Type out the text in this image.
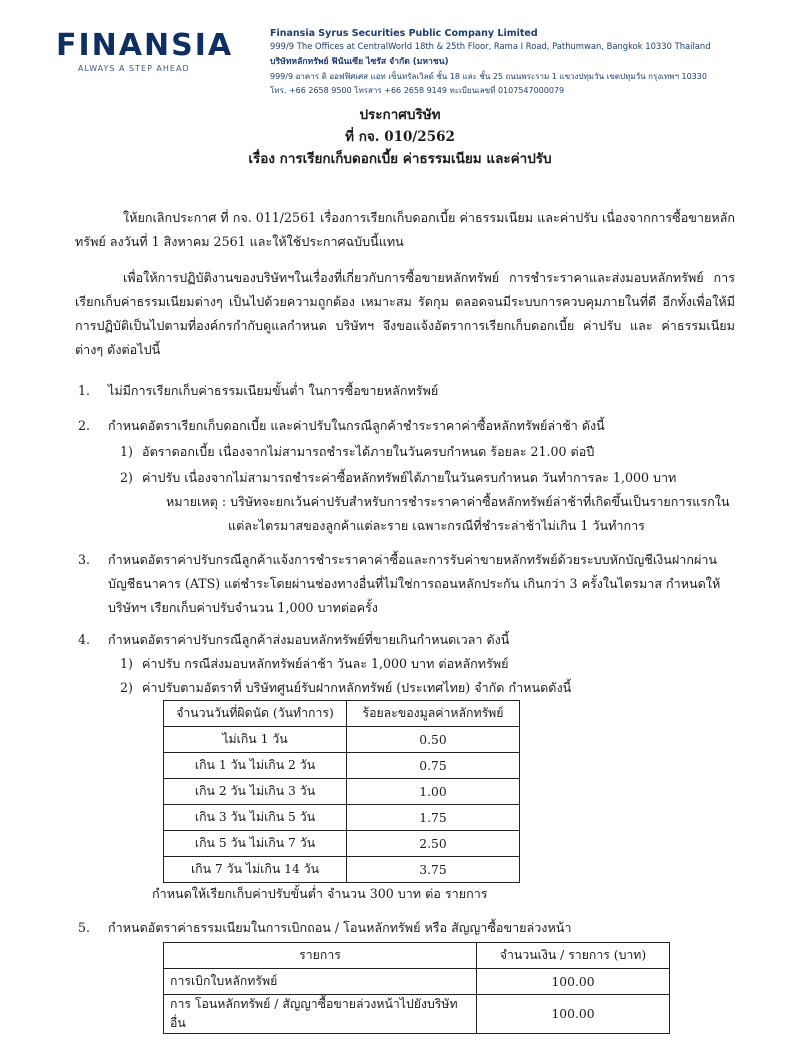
FINANSIA
ALWAYS A STEP AHEAD
Finansia Syrus Securities Public Company Limited
999/9 The Offices at CentralWorld 18th & 25th Floor, Rama I Road, Pathumwan, Bangkok 10330 Thailand
บริษัทหลักทรัพย์ ฟินันเซีย ไซรัส จำกัด (มหาชน)
999/9 อาคาร ดิ ออฟฟิศเศส แอท เซ็นทรัลเวิลด์ ชั้น 18 และ ชั้น 25 ถนนพระราม 1 แขวงปทุมวัน เขตปทุมวัน กรุงเทพฯ 10330
โทร. +66 2658 9500 โทรสาร +66 2658 9149 ทะเบียนเลขที่ 0107547000079
ประกาศบริษัท
ที่ กจ. 010/2562
เรื่อง การเรียกเก็บดอกเบี้ย ค่าธรรมเนียม และค่าปรับ
ให้ยกเลิกประกาศ ที่ กจ. 011/2561 เรื่องการเรียกเก็บดอกเบี้ย ค่าธรรมเนียม และค่าปรับ เนื่องจากการซื้อขายหลักทรัพย์ ลงวันที่ 1 สิงหาคม 2561 และให้ใช้ประกาศฉบับนี้แทน
เพื่อให้การปฏิบัติงานของบริษัทฯในเรื่องที่เกี่ยวกับการซื้อขายหลักทรัพย์ การชำระราคาและส่งมอบหลักทรัพย์ การเรียกเก็บค่าธรรมเนียมต่างๆ เป็นไปด้วยความถูกต้อง เหมาะสม รัดกุม ตลอดจนมีระบบการควบคุมภายในที่ดี อีกทั้งเพื่อให้มีการปฏิบัติเป็นไปตามที่องค์กรกำกับดูแลกำหนด บริษัทฯ จึงขอแจ้งอัตราการเรียกเก็บดอกเบี้ย ค่าปรับ และ ค่าธรรมเนียมต่างๆ ดังต่อไปนี้
1. ไม่มีการเรียกเก็บค่าธรรมเนียมขั้นต่ำ ในการซื้อขายหลักทรัพย์
2. กำหนดอัตราเรียกเก็บดอกเบี้ย และค่าปรับในกรณีลูกค้าชำระราคาค่าซื้อหลักทรัพย์ล่าช้า ดังนี้
1) อัตราดอกเบี้ย เนื่องจากไม่สามารถชำระได้ภายในวันครบกำหนด ร้อยละ 21.00 ต่อปี
2) ค่าปรับ เนื่องจากไม่สามารถชำระค่าซื้อหลักทรัพย์ได้ภายในวันครบกำหนด วันทำการละ 1,000 บาท
หมายเหตุ : บริษัทจะยกเว้นค่าปรับสำหรับการชำระราคาค่าซื้อหลักทรัพย์ล่าช้าที่เกิดขึ้นเป็นรายการแรกใน
แต่ละไตรมาสของลูกค้าแต่ละราย เฉพาะกรณีที่ชำระล่าช้าไม่เกิน 1 วันทำการ
3. กำหนดอัตราค่าปรับกรณีลูกค้าแจ้งการชำระราคาค่าซื้อและการรับค่าขายหลักทรัพย์ด้วยระบบหักบัญชีเงินฝากผ่านบัญชีธนาคาร (ATS) แต่ชำระโดยผ่านช่องทางอื่นที่ไม่ใช่การถอนหลักประกัน เกินกว่า 3 ครั้งในไตรมาส กำหนดให้บริษัทฯ เรียกเก็บค่าปรับจำนวน 1,000 บาทต่อครั้ง
4. กำหนดอัตราค่าปรับกรณีลูกค้าส่งมอบหลักทรัพย์ที่ขายเกินกำหนดเวลา ดังนี้
1) ค่าปรับ กรณีส่งมอบหลักทรัพย์ล่าช้า วันละ 1,000 บาท ต่อหลักทรัพย์
2) ค่าปรับตามอัตราที่ บริษัทศูนย์รับฝากหลักทรัพย์ (ประเทศไทย) จำกัด กำหนดดังนี้
จำนวนวันที่ผิดนัด (วันทำการ)	ร้อยละของมูลค่าหลักทรัพย์
ไม่เกิน 1 วัน	0.50
เกิน 1 วัน ไม่เกิน 2 วัน	0.75
เกิน 2 วัน ไม่เกิน 3 วัน	1.00
เกิน 3 วัน ไม่เกิน 5 วัน	1.75
เกิน 5 วัน ไม่เกิน 7 วัน	2.50
เกิน 7 วัน ไม่เกิน 14 วัน	3.75
กำหนดให้เรียกเก็บค่าปรับขั้นต่ำ จำนวน 300 บาท ต่อ รายการ
5. กำหนดอัตราค่าธรรมเนียมในการเบิกถอน / โอนหลักทรัพย์ หรือ สัญญาซื้อขายล่วงหน้า
รายการ	จำนวนเงิน / รายการ (บาท)
การเบิกใบหลักทรัพย์	100.00
การ โอนหลักทรัพย์ / สัญญาซื้อขายล่วงหน้าไปยังบริษัทอื่น	100.00
